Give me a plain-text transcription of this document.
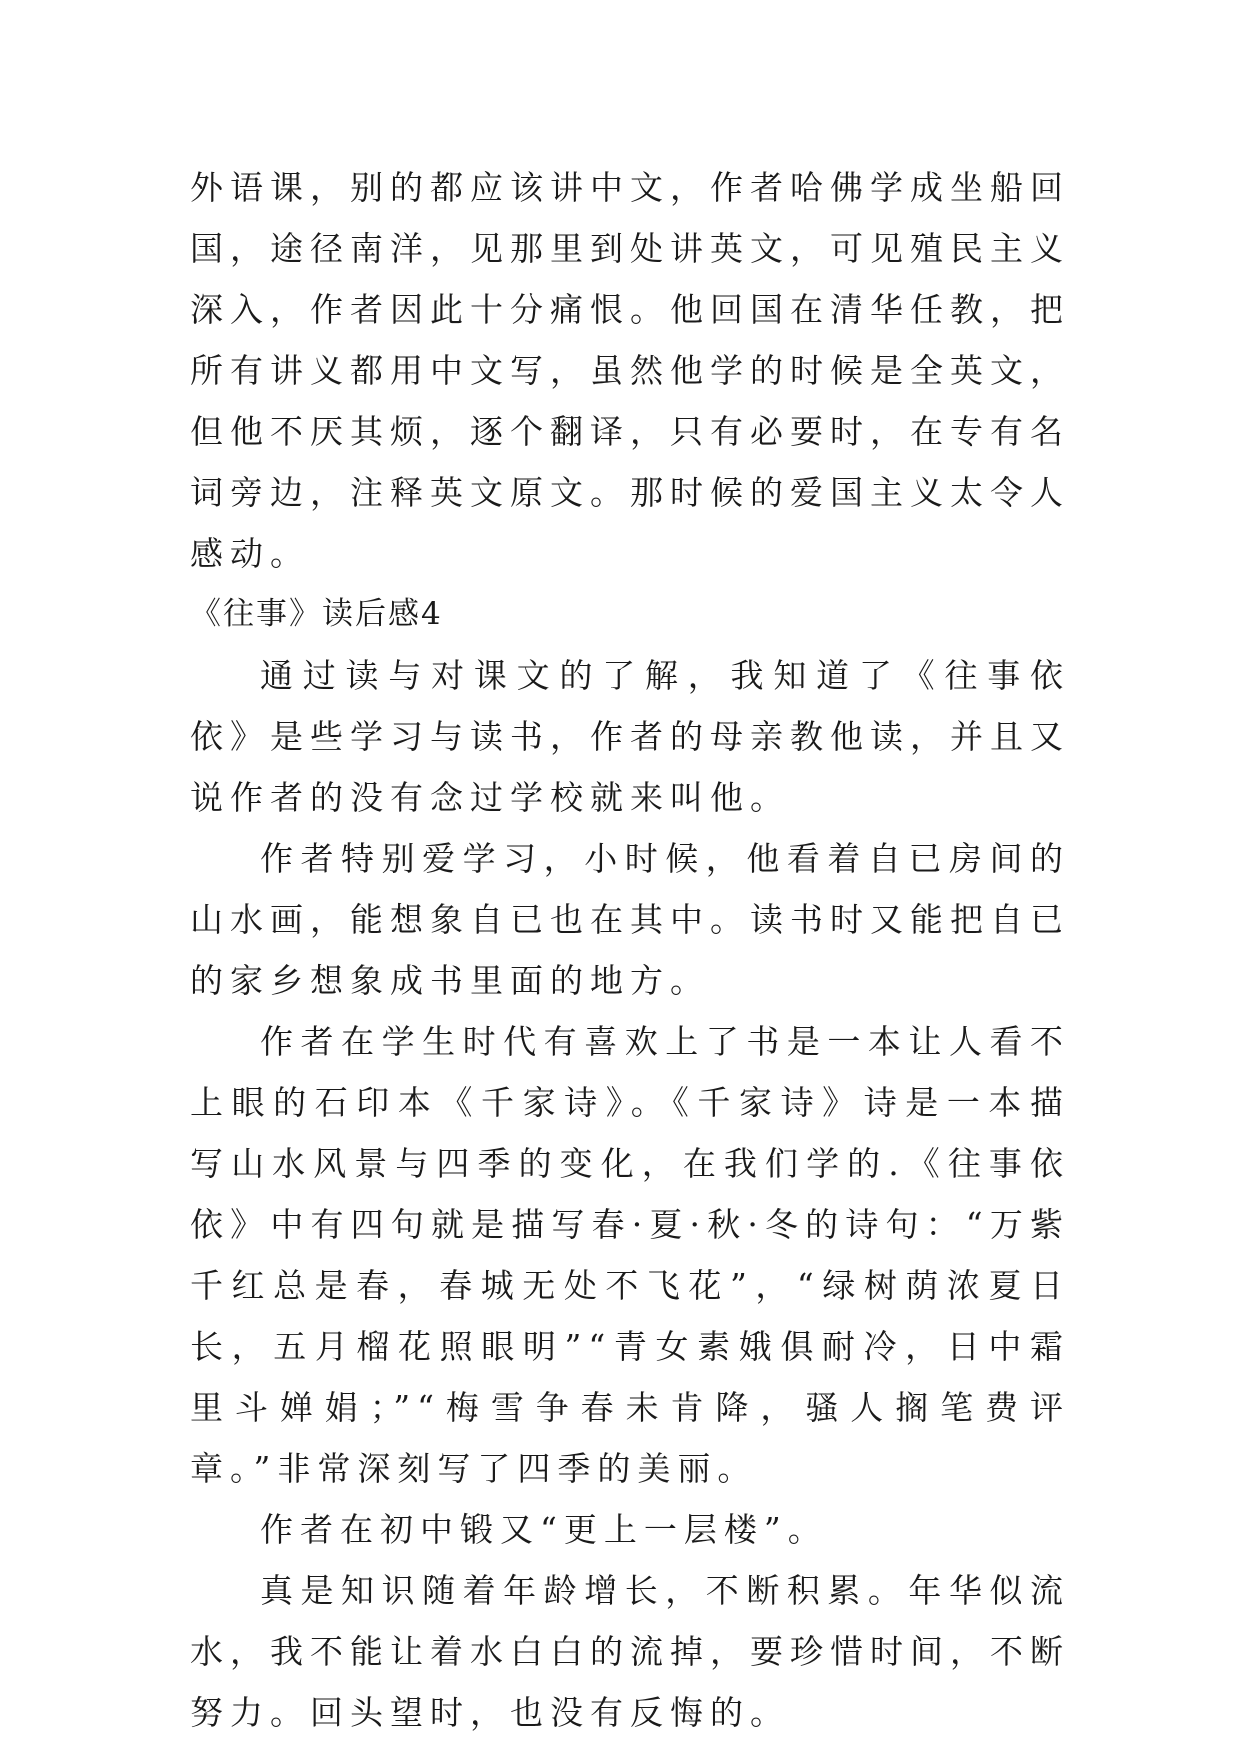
外语课，别的都应该讲中文，作者哈佛学成坐船回国，途径南洋，见那里到处讲英文，可见殖民主义深入，作者因此十分痛恨。他回国在清华任教，把所有讲义都用中文写，虽然他学的时候是全英文，但他不厌其烦，逐个翻译，只有必要时，在专有名词旁边，注释英文原文。那时候的爱国主义太令人感动。

《往事》读后感4

通过读与对课文的了解，我知道了《往事依依》是些学习与读书，作者的母亲教他读，并且又说作者的没有念过学校就来叫他。

作者特别爱学习，小时候，他看着自已房间的山水画，能想象自已也在其中。读书时又能把自已的家乡想象成书里面的地方。

作者在学生时代有喜欢上了书是一本让人看不上眼的石印本《千家诗》。《千家诗》诗是一本描写山水风景与四季的变化，在我们学的.《往事依依》中有四句就是描写春·夏·秋·冬的诗句：“万紫千红总是春，春城无处不飞花”，“绿树荫浓夏日长，五月榴花照眼明”“青女素娥俱耐冷，日中霜里斗婵娟；”“梅雪争春未肯降，骚人搁笔费评章。”非常深刻写了四季的美丽。

作者在初中锻又“更上一层楼”。

真是知识随着年龄增长，不断积累。年华似流水，我不能让着水白白的流掉，要珍惜时间，不断努力。回头望时，也没有反悔的。
